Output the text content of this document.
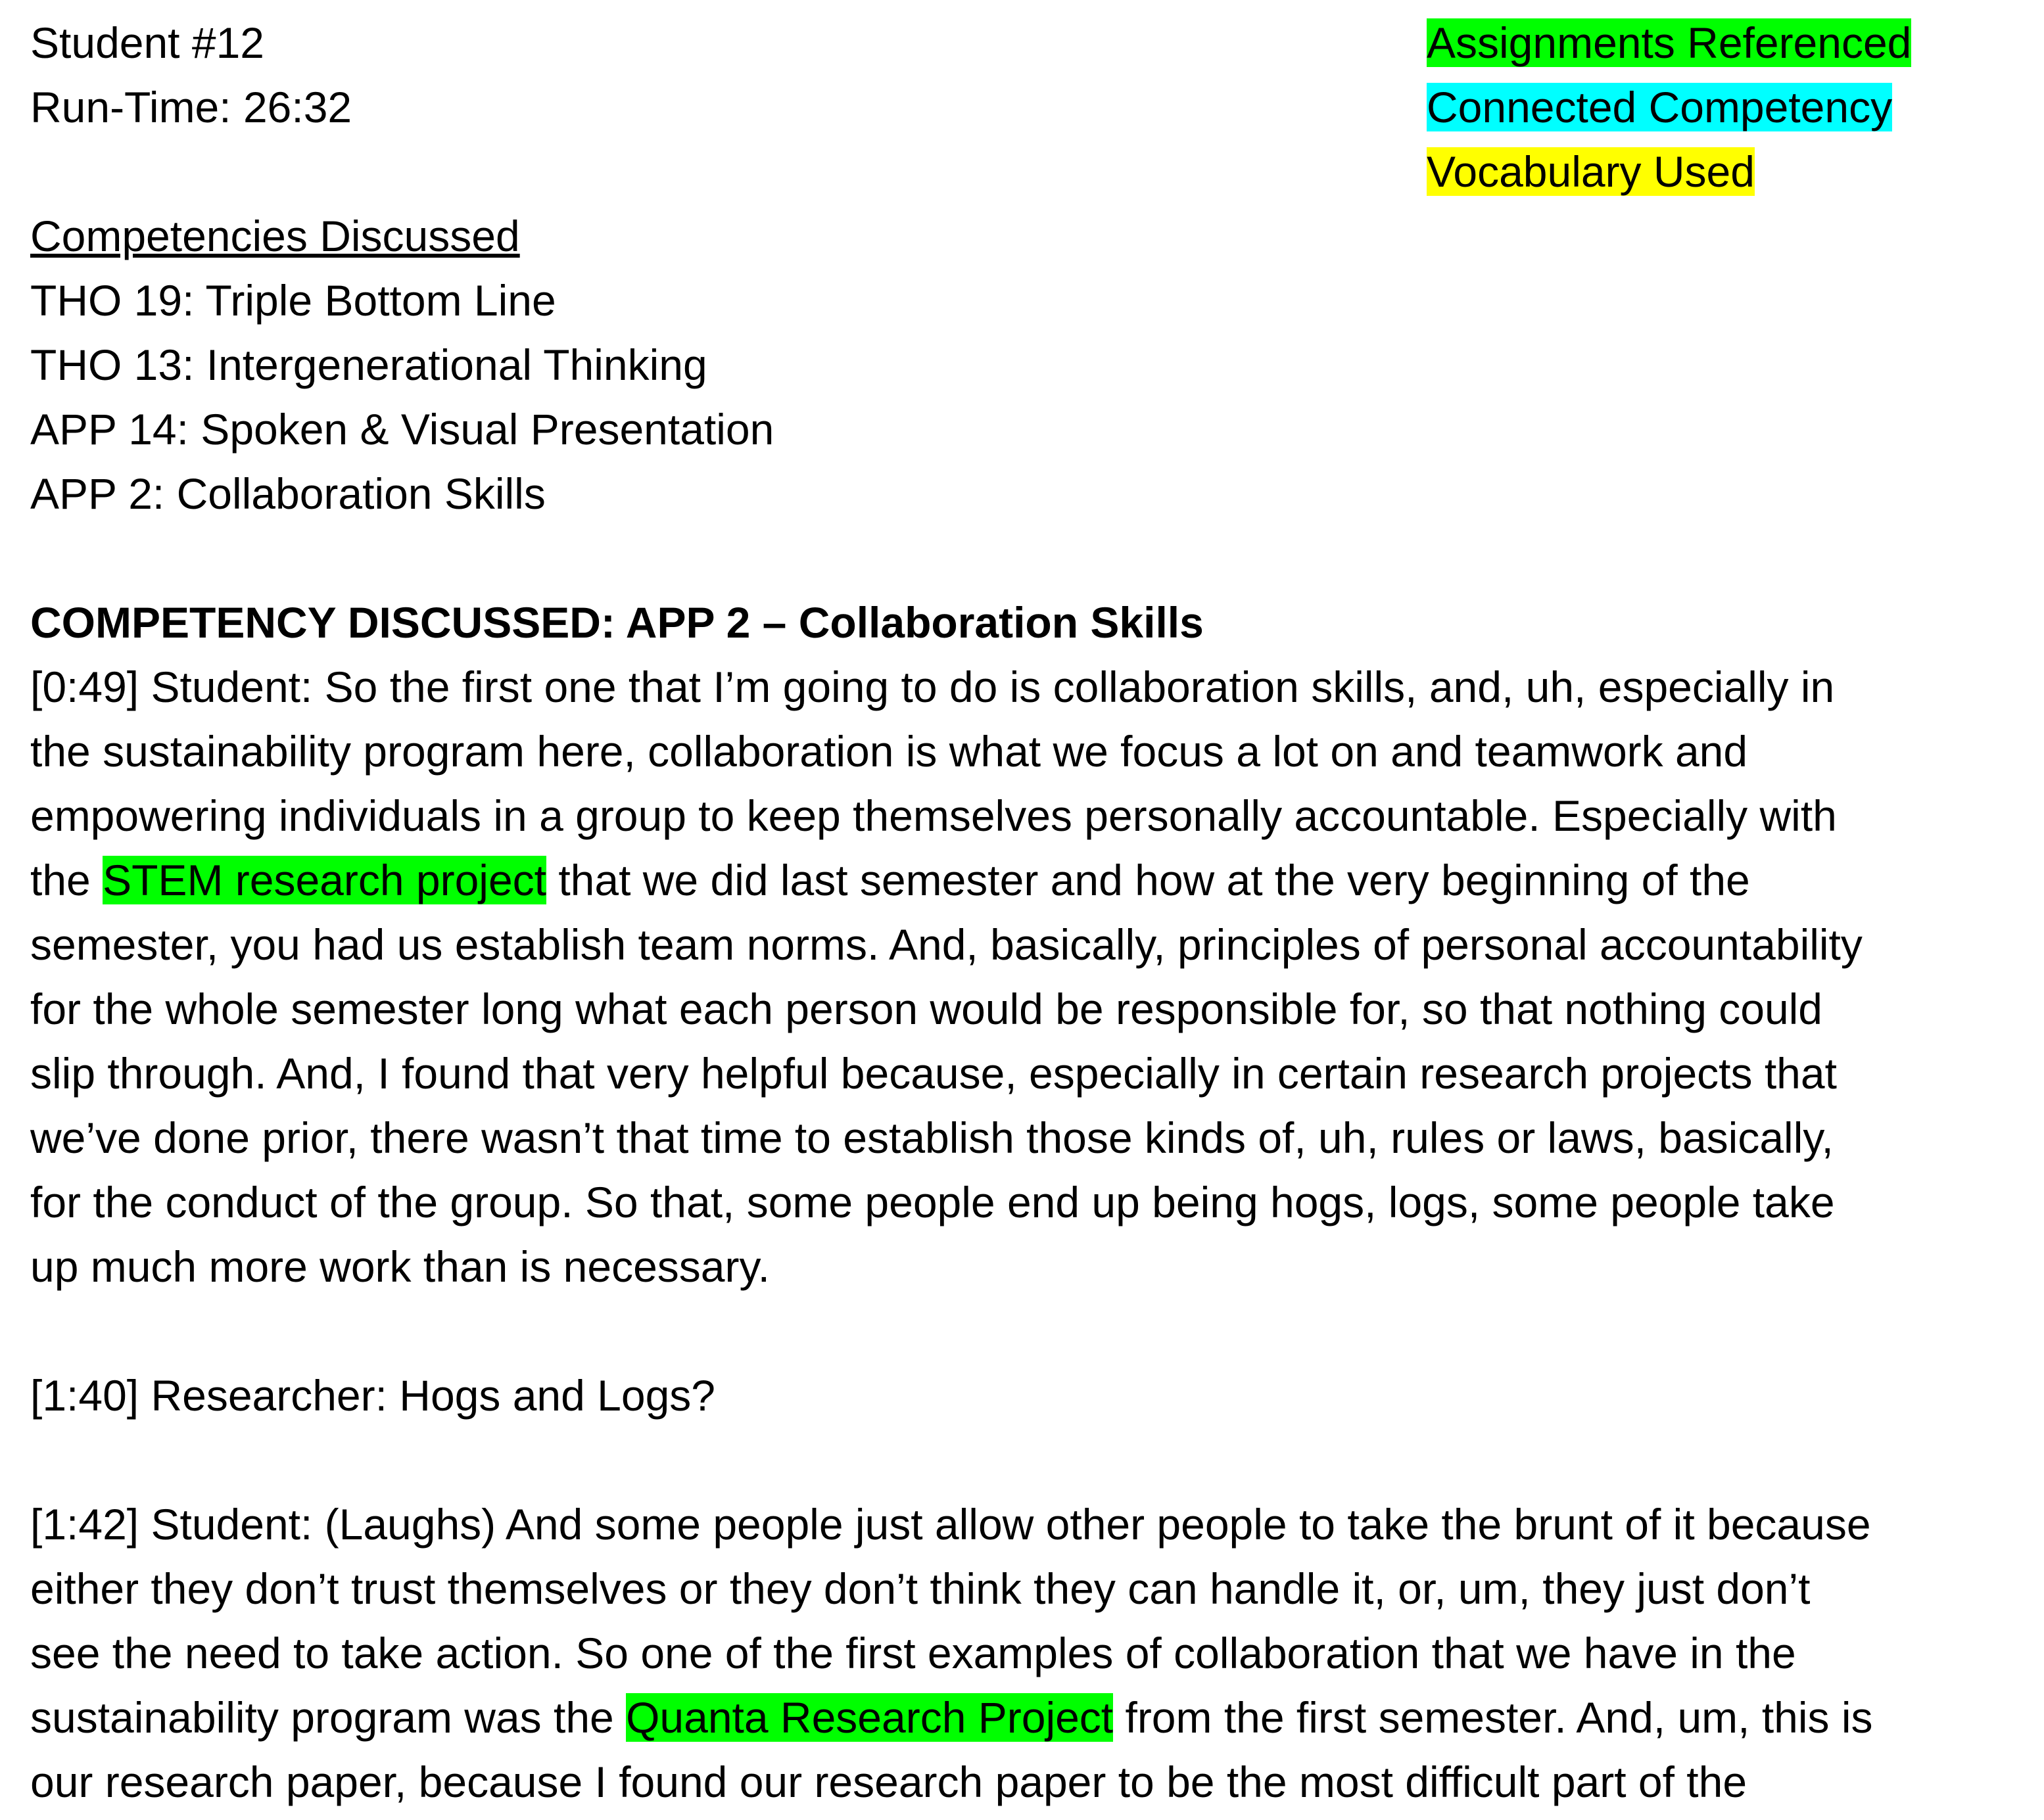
Student #12
Run-Time: 26:32
Assignments Referenced
Connected Competency
Vocabulary Used
Competencies Discussed
THO 19: Triple Bottom Line
THO 13: Intergenerational Thinking
APP 14: Spoken & Visual Presentation
APP 2: Collaboration Skills
COMPETENCY DISCUSSED: APP 2 – Collaboration Skills
[0:49] Student: So the first one that I’m going to do is collaboration skills, and, uh, especially in
the sustainability program here, collaboration is what we focus a lot on and teamwork and
empowering individuals in a group to keep themselves personally accountable. Especially with
the STEM research project that we did last semester and how at the very beginning of the
semester, you had us establish team norms. And, basically, principles of personal accountability
for the whole semester long what each person would be responsible for, so that nothing could
slip through. And, I found that very helpful because, especially in certain research projects that
we’ve done prior, there wasn’t that time to establish those kinds of, uh, rules or laws, basically,
for the conduct of the group. So that, some people end up being hogs, logs, some people take
up much more work than is necessary.
[1:40] Researcher: Hogs and Logs?
[1:42] Student: (Laughs) And some people just allow other people to take the brunt of it because
either they don’t trust themselves or they don’t think they can handle it, or, um, they just don’t
see the need to take action. So one of the first examples of collaboration that we have in the
sustainability program was the Quanta Research Project from the first semester. And, um, this is
our research paper, because I found our research paper to be the most difficult part of the
